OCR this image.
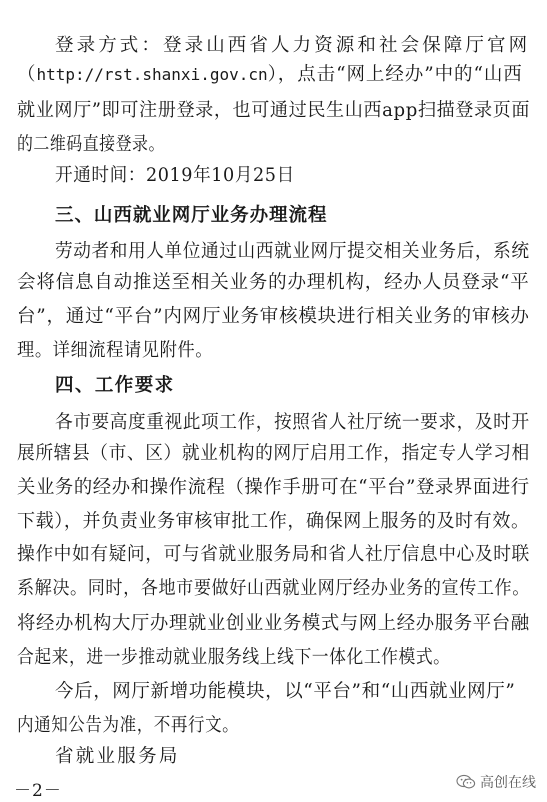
登录方式：登录山西省人力资源和社会保障厅官网
（http://rst.shanxi.gov.cn），点击“网上经办”中的“山西
就业网厅”即可注册登录，也可通过民生山西app扫描登录页面
的二维码直接登录。
开通时间：2019年10月25日
三、山西就业网厅业务办理流程
劳动者和用人单位通过山西就业网厅提交相关业务后，系统
会将信息自动推送至相关业务的办理机构，经办人员登录“平
台”，通过“平台”内网厅业务审核模块进行相关业务的审核办
理。详细流程请见附件。
四、工作要求
各市要高度重视此项工作，按照省人社厅统一要求，及时开
展所辖县（市、区）就业机构的网厅启用工作，指定专人学习相
关业务的经办和操作流程（操作手册可在“平台”登录界面进行
下载），并负责业务审核审批工作，确保网上服务的及时有效。
操作中如有疑问，可与省就业服务局和省人社厅信息中心及时联
系解决。同时，各地市要做好山西就业网厅经办业务的宣传工作。
将经办机构大厅办理就业创业业务模式与网上经办服务平台融
合起来，进一步推动就业服务线上线下一体化工作模式。
今后，网厅新增功能模块，以“平台”和“山西就业网厅”
内通知公告为准，不再行文。
省就业服务局
－2－	高创在线
